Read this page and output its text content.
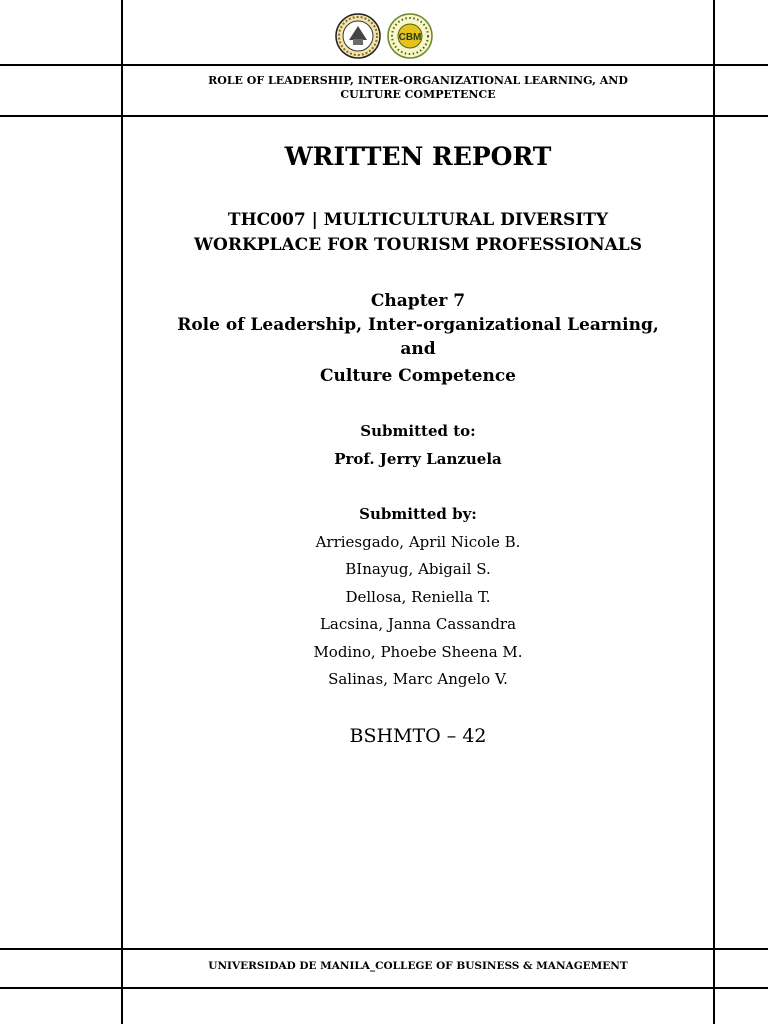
CBM
ROLE OF LEADERSHIP, INTER-ORGANIZATIONAL LEARNING, AND
CULTURE COMPETENCE
WRITTEN REPORT
THC007 | MULTICULTURAL DIVERSITY
WORKPLACE FOR TOURISM PROFESSIONALS
Chapter 7
Role of Leadership, Inter-organizational Learning,
and
Culture Competence
Submitted to:
Prof. Jerry Lanzuela
Submitted by:
Arriesgado, April Nicole B.
BInayug, Abigail S.
Dellosa, Reniella T.
Lacsina, Janna Cassandra
Modino, Phoebe Sheena M.
Salinas, Marc Angelo V.
BSHMTO – 42
UNIVERSIDAD DE MANILA_COLLEGE OF BUSINESS & MANAGEMENT
